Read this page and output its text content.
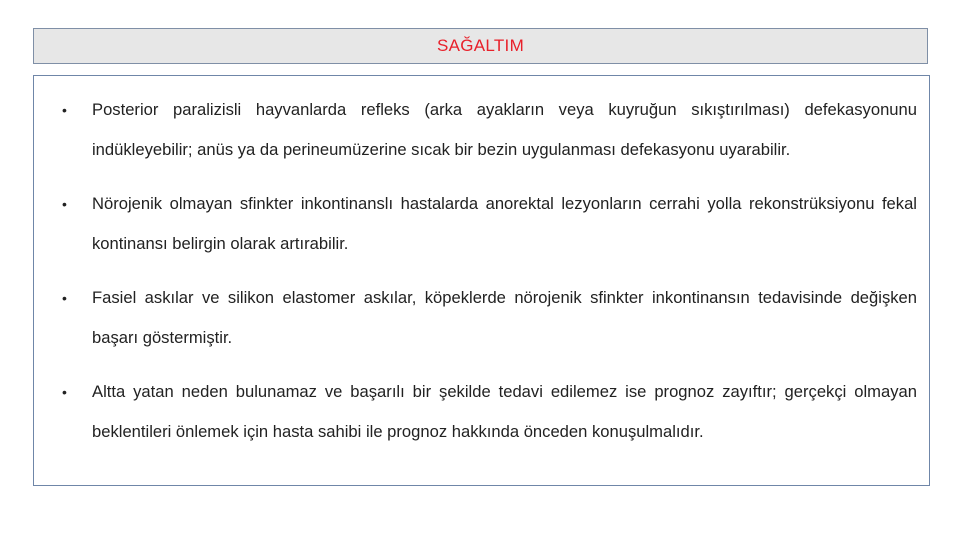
SAĞALTIM
•	Posterior paralizisli hayvanlarda refleks (arka ayakların veya kuyruğun sıkıştırılması) defekasyonunu indükleyebilir; anüs ya da perineumüzerine sıcak bir bezin uygulanması defekasyonu uyarabilir.
•	Nörojenik olmayan sfinkter inkontinanslı hastalarda anorektal lezyonların cerrahi yolla rekonstrüksiyonu fekal kontinansı belirgin olarak artırabilir.
•	Fasiel askılar ve silikon elastomer askılar, köpeklerde nörojenik sfinkter inkontinansın tedavisinde değişken başarı göstermiştir.
•	Altta yatan neden bulunamaz ve başarılı bir şekilde tedavi edilemez ise prognoz zayıftır; gerçekçi olmayan beklentileri önlemek için hasta sahibi ile prognoz hakkında önceden konuşulmalıdır.
